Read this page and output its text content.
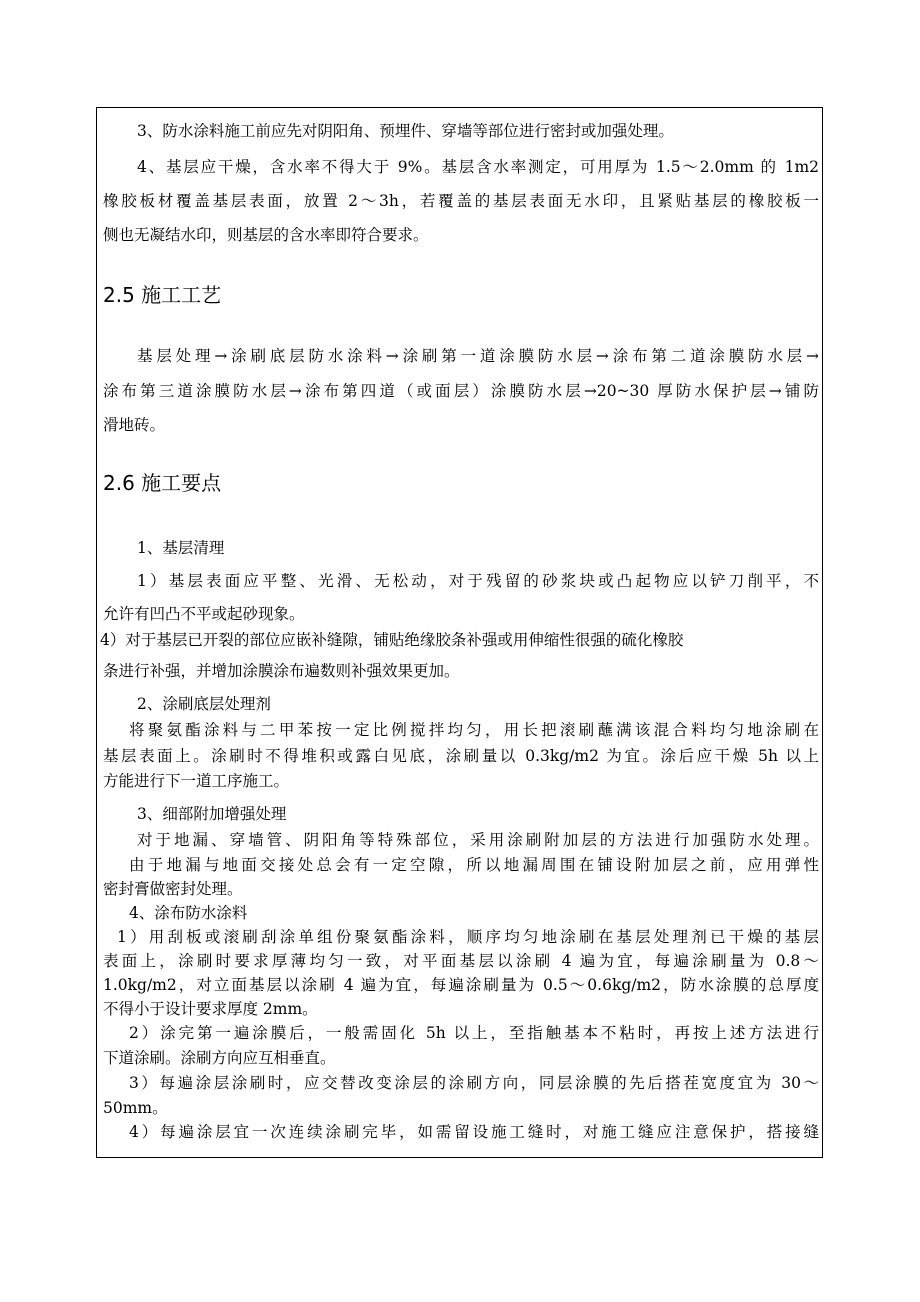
3、防水涂料施工前应先对阴阳角、预埋件、穿墙等部位进行密封或加强处理。
4、基层应干燥，含水率不得大于 9%。基层含水率测定，可用厚为 1.5～2.0mm 的 1m2
橡胶板材覆盖基层表面，放置 2～3h，若覆盖的基层表面无水印，且紧贴基层的橡胶板一
侧也无凝结水印，则基层的含水率即符合要求。
2.5 施工工艺
基层处理→涂刷底层防水涂料→涂刷第一道涂膜防水层→涂布第二道涂膜防水层→
涂布第三道涂膜防水层→涂布第四道（或面层）涂膜防水层→20~30 厚防水保护层→铺防
滑地砖。
2.6 施工要点
1、基层清理
1）基层表面应平整、光滑、无松动，对于残留的砂浆块或凸起物应以铲刀削平，不
允许有凹凸不平或起砂现象。
4）对于基层已开裂的部位应嵌补缝隙，铺贴绝缘胶条补强或用伸缩性很强的硫化橡胶
条进行补强，并增加涂膜涂布遍数则补强效果更加。
2、涂刷底层处理剂
将聚氨酯涂料与二甲苯按一定比例搅拌均匀，用长把滚刷蘸满该混合料均匀地涂刷在
基层表面上。涂刷时不得堆积或露白见底，涂刷量以 0.3kg/m2 为宜。涂后应干燥 5h 以上
方能进行下一道工序施工。
3、细部附加增强处理
对于地漏、穿墙管、阴阳角等特殊部位，采用涂刷附加层的方法进行加强防水处理。
由于地漏与地面交接处总会有一定空隙，所以地漏周围在铺设附加层之前，应用弹性
密封膏做密封处理。
4、涂布防水涂料
1）用刮板或滚刷刮涂单组份聚氨酯涂料，顺序均匀地涂刷在基层处理剂已干燥的基层
表面上，涂刷时要求厚薄均匀一致，对平面基层以涂刷 4 遍为宜，每遍涂刷量为 0.8～
1.0kg/m2，对立面基层以涂刷 4 遍为宜，每遍涂刷量为 0.5～0.6kg/m2，防水涂膜的总厚度
不得小于设计要求厚度 2mm。
2）涂完第一遍涂膜后，一般需固化 5h 以上，至指触基本不粘时，再按上述方法进行
下道涂刷。涂刷方向应互相垂直。
3）每遍涂层涂刷时，应交替改变涂层的涂刷方向，同层涂膜的先后搭茬宽度宜为 30～
50mm。
4）每遍涂层宜一次连续涂刷完毕，如需留设施工缝时，对施工缝应注意保护，搭接缝
